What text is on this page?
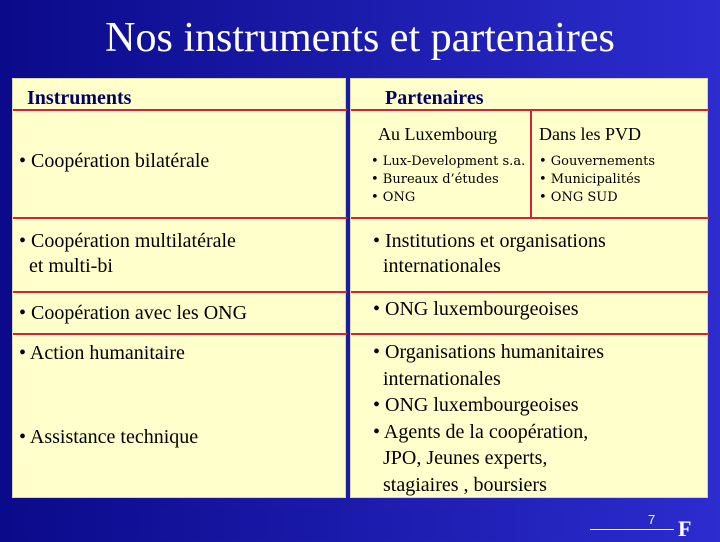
Nos instruments et partenaires
Instruments
• Coopération bilatérale
• Coopération multilatérale
et multi-bi
• Coopération avec les ONG
• Action humanitaire
• Assistance technique
Partenaires
Au Luxembourg
• Lux-Development s.a.
• Bureaux d’études
• ONG
Dans les PVD
• Gouvernements
• Municipalités
• ONG SUD
• Institutions et organisations
internationales
• ONG luxembourgeoises
• Organisations humanitaires
internationales
• ONG luxembourgeoises
• Agents de la coopération,
JPO, Jeunes experts,
stagiaires , boursiers
7 F
